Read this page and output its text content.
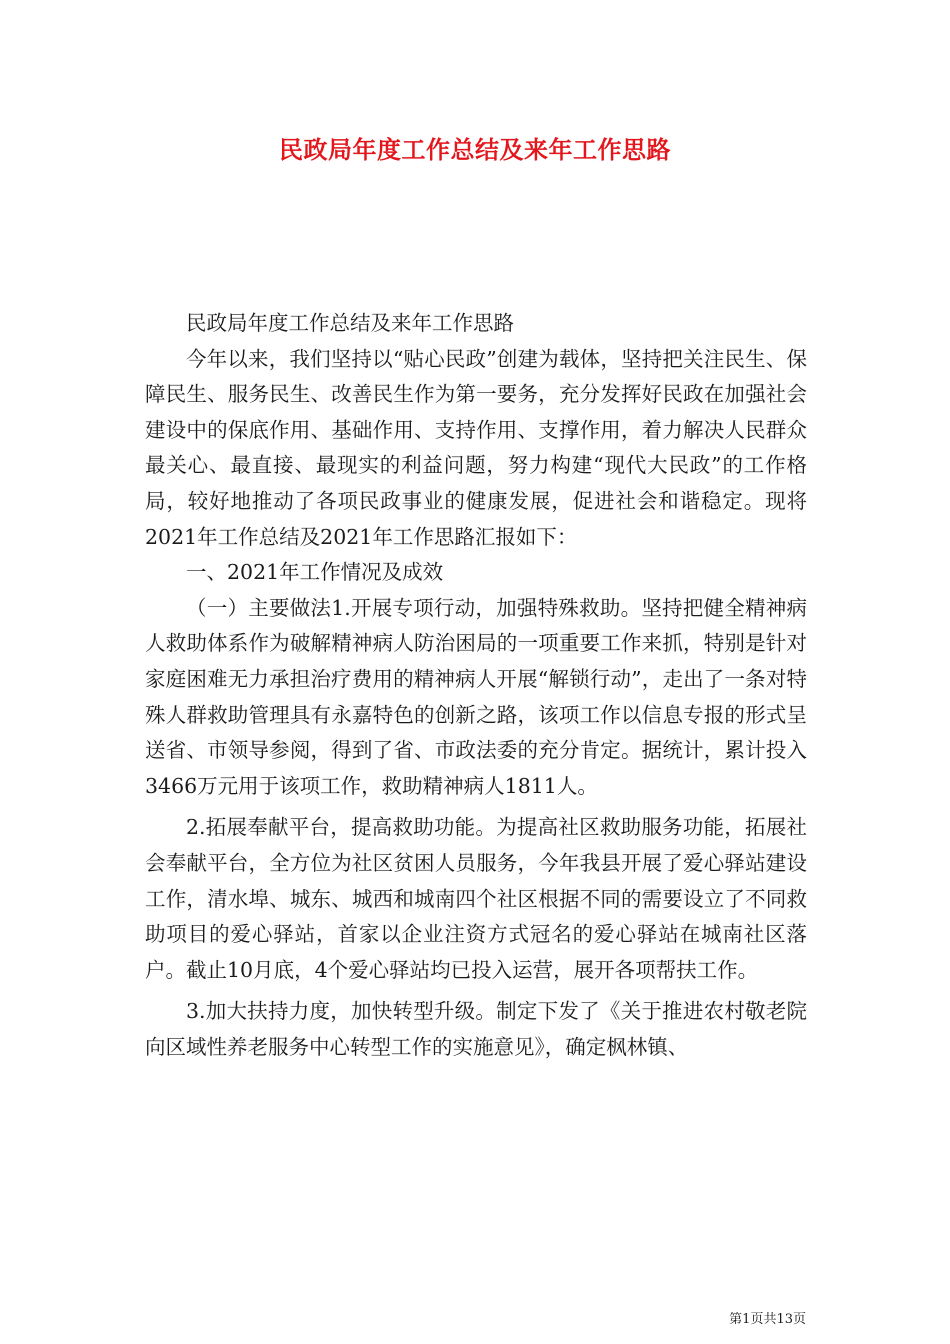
民政局年度工作总结及来年工作思路

民政局年度工作总结及来年工作思路

今年以来，我们坚持以“贴心民政”创建为载体，坚持把关注民生、保障民生、服务民生、改善民生作为第一要务，充分发挥好民政在加强社会建设中的保底作用、基础作用、支持作用、支撑作用，着力解决人民群众最关心、最直接、最现实的利益问题，努力构建“现代大民政”的工作格局，较好地推动了各项民政事业的健康发展，促进社会和谐稳定。现将2021年工作总结及2021年工作思路汇报如下：

一、2021年工作情况及成效

（一）主要做法1.开展专项行动，加强特殊救助。坚持把健全精神病人救助体系作为破解精神病人防治困局的一项重要工作来抓，特别是针对家庭困难无力承担治疗费用的精神病人开展“解锁行动”，走出了一条对特殊人群救助管理具有永嘉特色的创新之路，该项工作以信息专报的形式呈送省、市领导参阅，得到了省、市政法委的充分肯定。据统计，累计投入3466万元用于该项工作，救助精神病人1811人。

2.拓展奉献平台，提高救助功能。为提高社区救助服务功能，拓展社会奉献平台，全方位为社区贫困人员服务，今年我县开展了爱心驿站建设工作，清水埠、城东、城西和城南四个社区根据不同的需要设立了不同救助项目的爱心驿站，首家以企业注资方式冠名的爱心驿站在城南社区落户。截止10月底，4个爱心驿站均已投入运营，展开各项帮扶工作。

3.加大扶持力度，加快转型升级。制定下发了《关于推进农村敬老院向区域性养老服务中心转型工作的实施意见》，确定枫林镇、

第1页共13页
